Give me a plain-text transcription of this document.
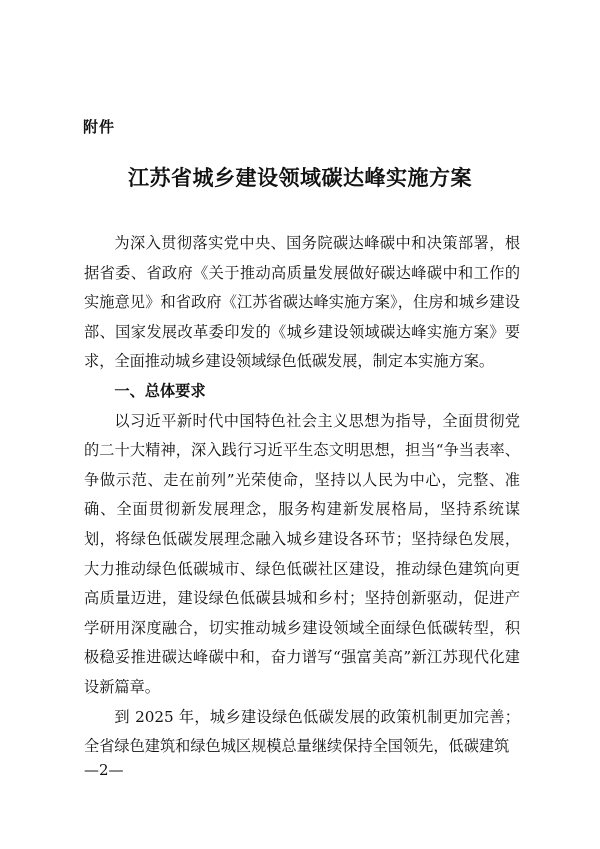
附件
江苏省城乡建设领域碳达峰实施方案

为深入贯彻落实党中央、国务院碳达峰碳中和决策部署，根据省委、省政府《关于推动高质量发展做好碳达峰碳中和工作的实施意见》和省政府《江苏省碳达峰实施方案》，住房和城乡建设部、国家发展改革委印发的《城乡建设领域碳达峰实施方案》要求，全面推动城乡建设领域绿色低碳发展，制定本实施方案。

一、总体要求

以习近平新时代中国特色社会主义思想为指导，全面贯彻党的二十大精神，深入践行习近平生态文明思想，担当“争当表率、争做示范、走在前列”光荣使命，坚持以人民为中心，完整、准确、全面贯彻新发展理念，服务构建新发展格局，坚持系统谋划，将绿色低碳发展理念融入城乡建设各环节；坚持绿色发展，大力推动绿色低碳城市、绿色低碳社区建设，推动绿色建筑向更高质量迈进，建设绿色低碳县城和乡村；坚持创新驱动，促进产学研用深度融合，切实推动城乡建设领域全面绿色低碳转型，积极稳妥推进碳达峰碳中和，奋力谱写“强富美高”新江苏现代化建设新篇章。

到 2025 年，城乡建设绿色低碳发展的政策机制更加完善；全省绿色建筑和绿色城区规模总量继续保持全国领先，低碳建筑

—2—
